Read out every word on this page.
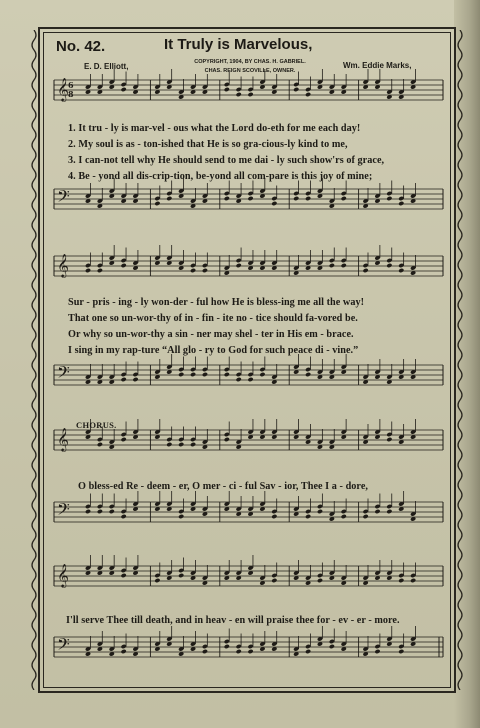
No. 42.	It Truly is Marvelous,
COPYRIGHT, 1904, BY CHAS. H. GABRIEL.
CHAS. REIGN SCOVILLE, OWNER.
E. D. Elliott,	Wm. Eddie Marks,
𝄞 6
8
𝄢
𝄞
𝄢
𝄞
𝄢
𝄞
𝄢
1. It tru - ly is mar-vel - ous what the Lord do-eth for me each day!
2. My soul is as - ton-ished that He is so gra-cious-ly kind to me,
3. I can-not tell why He should send to me dai - ly such show'rs of grace,
4. Be - yond all dis-crip-tion, be-yond all com-pare is this joy of mine;
Sur - pris - ing - ly won-der - ful how He is bless-ing me all the way!
That one so un-wor-thy of in - fin - ite no - tice should fa-vored be.
Or why so un-wor-thy a sin - ner may shel - ter in His em - brace.
I sing in my rap-ture “All glo - ry to God for such peace di - vine.”
CHORUS.
O bless-ed Re - deem - er, O mer - ci - ful Sav - ior, Thee I a - dore,
I'll serve Thee till death, and in heav - en will praise thee for - ev - er - more.
